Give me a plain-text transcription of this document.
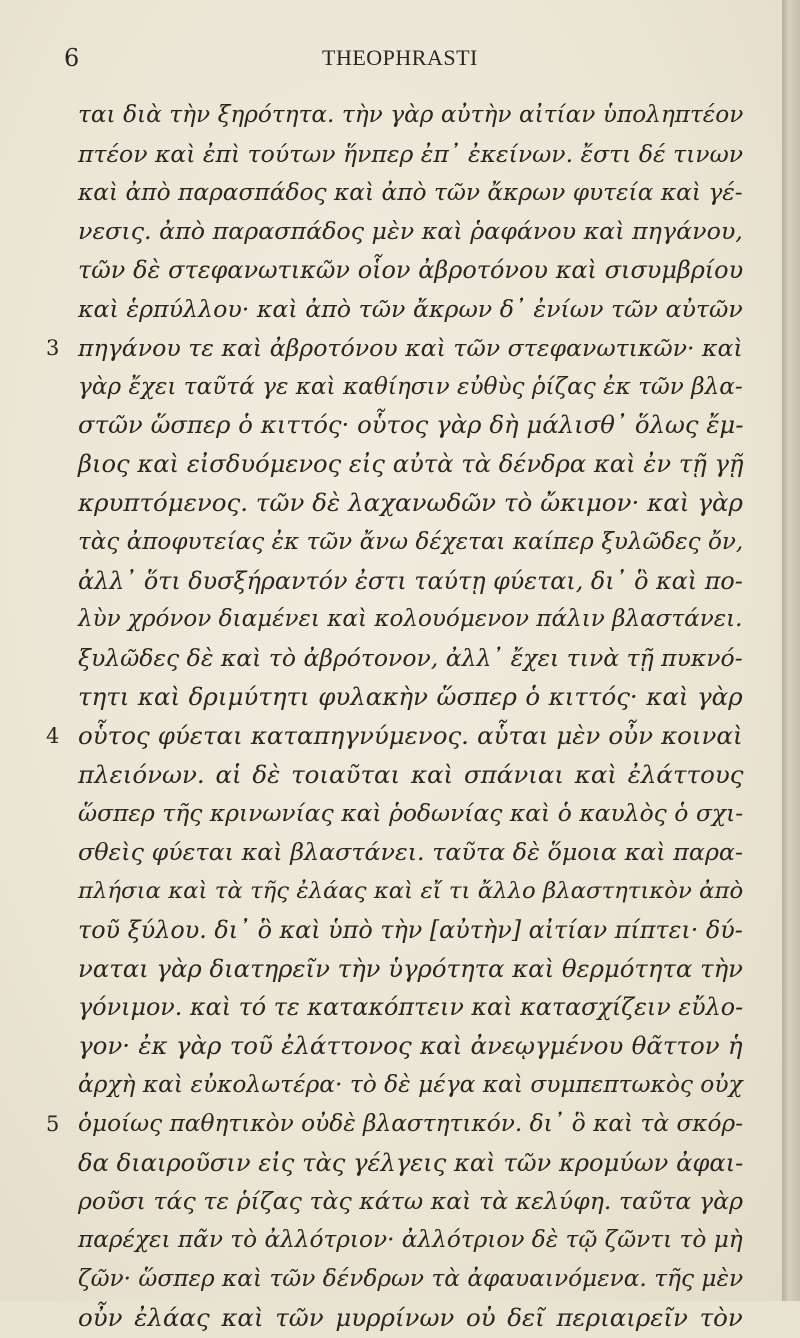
6	THEOPHRASTI
ται διὰ τὴν ξηρότητα. τὴν γὰρ αὐτὴν αἰτίαν ὑποληπτέον
πτέον καὶ ἐπὶ τούτων ἥνπερ ἐπ᾽ ἐκείνων. ἔστι δέ τινων
καὶ ἀπὸ παρασπάδος καὶ ἀπὸ τῶν ἄκρων φυτεία καὶ γέ-
νεσις. ἀπὸ παρασπάδος μὲν καὶ ῥαφάνου καὶ πηγάνου,
τῶν δὲ στεφανωτικῶν οἷον ἀβροτόνου καὶ σισυμβρίου
καὶ ἑρπύλλου· καὶ ἀπὸ τῶν ἄκρων δ᾽ ἐνίων τῶν αὐτῶν
3 πηγάνου τε καὶ ἀβροτόνου καὶ τῶν στεφανωτικῶν· καὶ
γὰρ ἔχει ταῦτά γε καὶ καθίησιν εὐθὺς ῥίζας ἐκ τῶν βλα-
στῶν ὥσπερ ὁ κιττός· οὗτος γὰρ δὴ μάλισθ᾽ ὅλως ἔμ-
βιος καὶ εἰσδυόμενος εἰς αὐτὰ τὰ δένδρα καὶ ἐν τῇ γῇ
κρυπτόμενος. τῶν δὲ λαχανωδῶν τὸ ὤκιμον· καὶ γὰρ
τὰς ἀποφυτείας ἐκ τῶν ἄνω δέχεται καίπερ ξυλῶδες ὄν,
ἀλλ᾽ ὅτι δυσξήραντόν ἐστι ταύτῃ φύεται, δι᾽ ὃ καὶ πο-
λὺν χρόνον διαμένει καὶ κολουόμενον πάλιν βλαστάνει.
ξυλῶδες δὲ καὶ τὸ ἀβρότονον, ἀλλ᾽ ἔχει τινὰ τῇ πυκνό-
τητι καὶ δριμύτητι φυλακὴν ὥσπερ ὁ κιττός· καὶ γὰρ
4 οὗτος φύεται καταπηγνύμενος. αὗται μὲν οὖν κοιναὶ
πλειόνων. αἱ δὲ τοιαῦται καὶ σπάνιαι καὶ ἐλάττους
ὥσπερ τῆς κρινωνίας καὶ ῥοδωνίας καὶ ὁ καυλὸς ὁ σχι-
σθεὶς φύεται καὶ βλαστάνει. ταῦτα δὲ ὅμοια καὶ παρα-
πλήσια καὶ τὰ τῆς ἐλάας καὶ εἴ τι ἄλλο βλαστητικὸν ἀπὸ
τοῦ ξύλου. δι᾽ ὃ καὶ ὑπὸ τὴν [αὐτὴν] αἰτίαν πίπτει· δύ-
ναται γὰρ διατηρεῖν τὴν ὑγρότητα καὶ θερμότητα τὴν
γόνιμον. καὶ τό τε κατακόπτειν καὶ κατασχίζειν εὔλο-
γον· ἐκ γὰρ τοῦ ἐλάττονος καὶ ἀνεῳγμένου θᾶττον ἡ
ἀρχὴ καὶ εὐκολωτέρα· τὸ δὲ μέγα καὶ συμπεπτωκὸς οὐχ
5 ὁμοίως παθητικὸν οὐδὲ βλαστητικόν. δι᾽ ὃ καὶ τὰ σκόρ-
δα διαιροῦσιν εἰς τὰς γέλγεις καὶ τῶν κρομύων ἀφαι-
ροῦσι τάς τε ῥίζας τὰς κάτω καὶ τὰ κελύφη. ταῦτα γὰρ
παρέχει πᾶν τὸ ἀλλότριον· ἀλλότριον δὲ τῷ ζῶντι τὸ μὴ
ζῶν· ὥσπερ καὶ τῶν δένδρων τὰ ἀφαυαινόμενα. τῆς μὲν
οὖν ἐλάας καὶ τῶν μυρρίνων οὐ δεῖ περιαιρεῖν τὸν
